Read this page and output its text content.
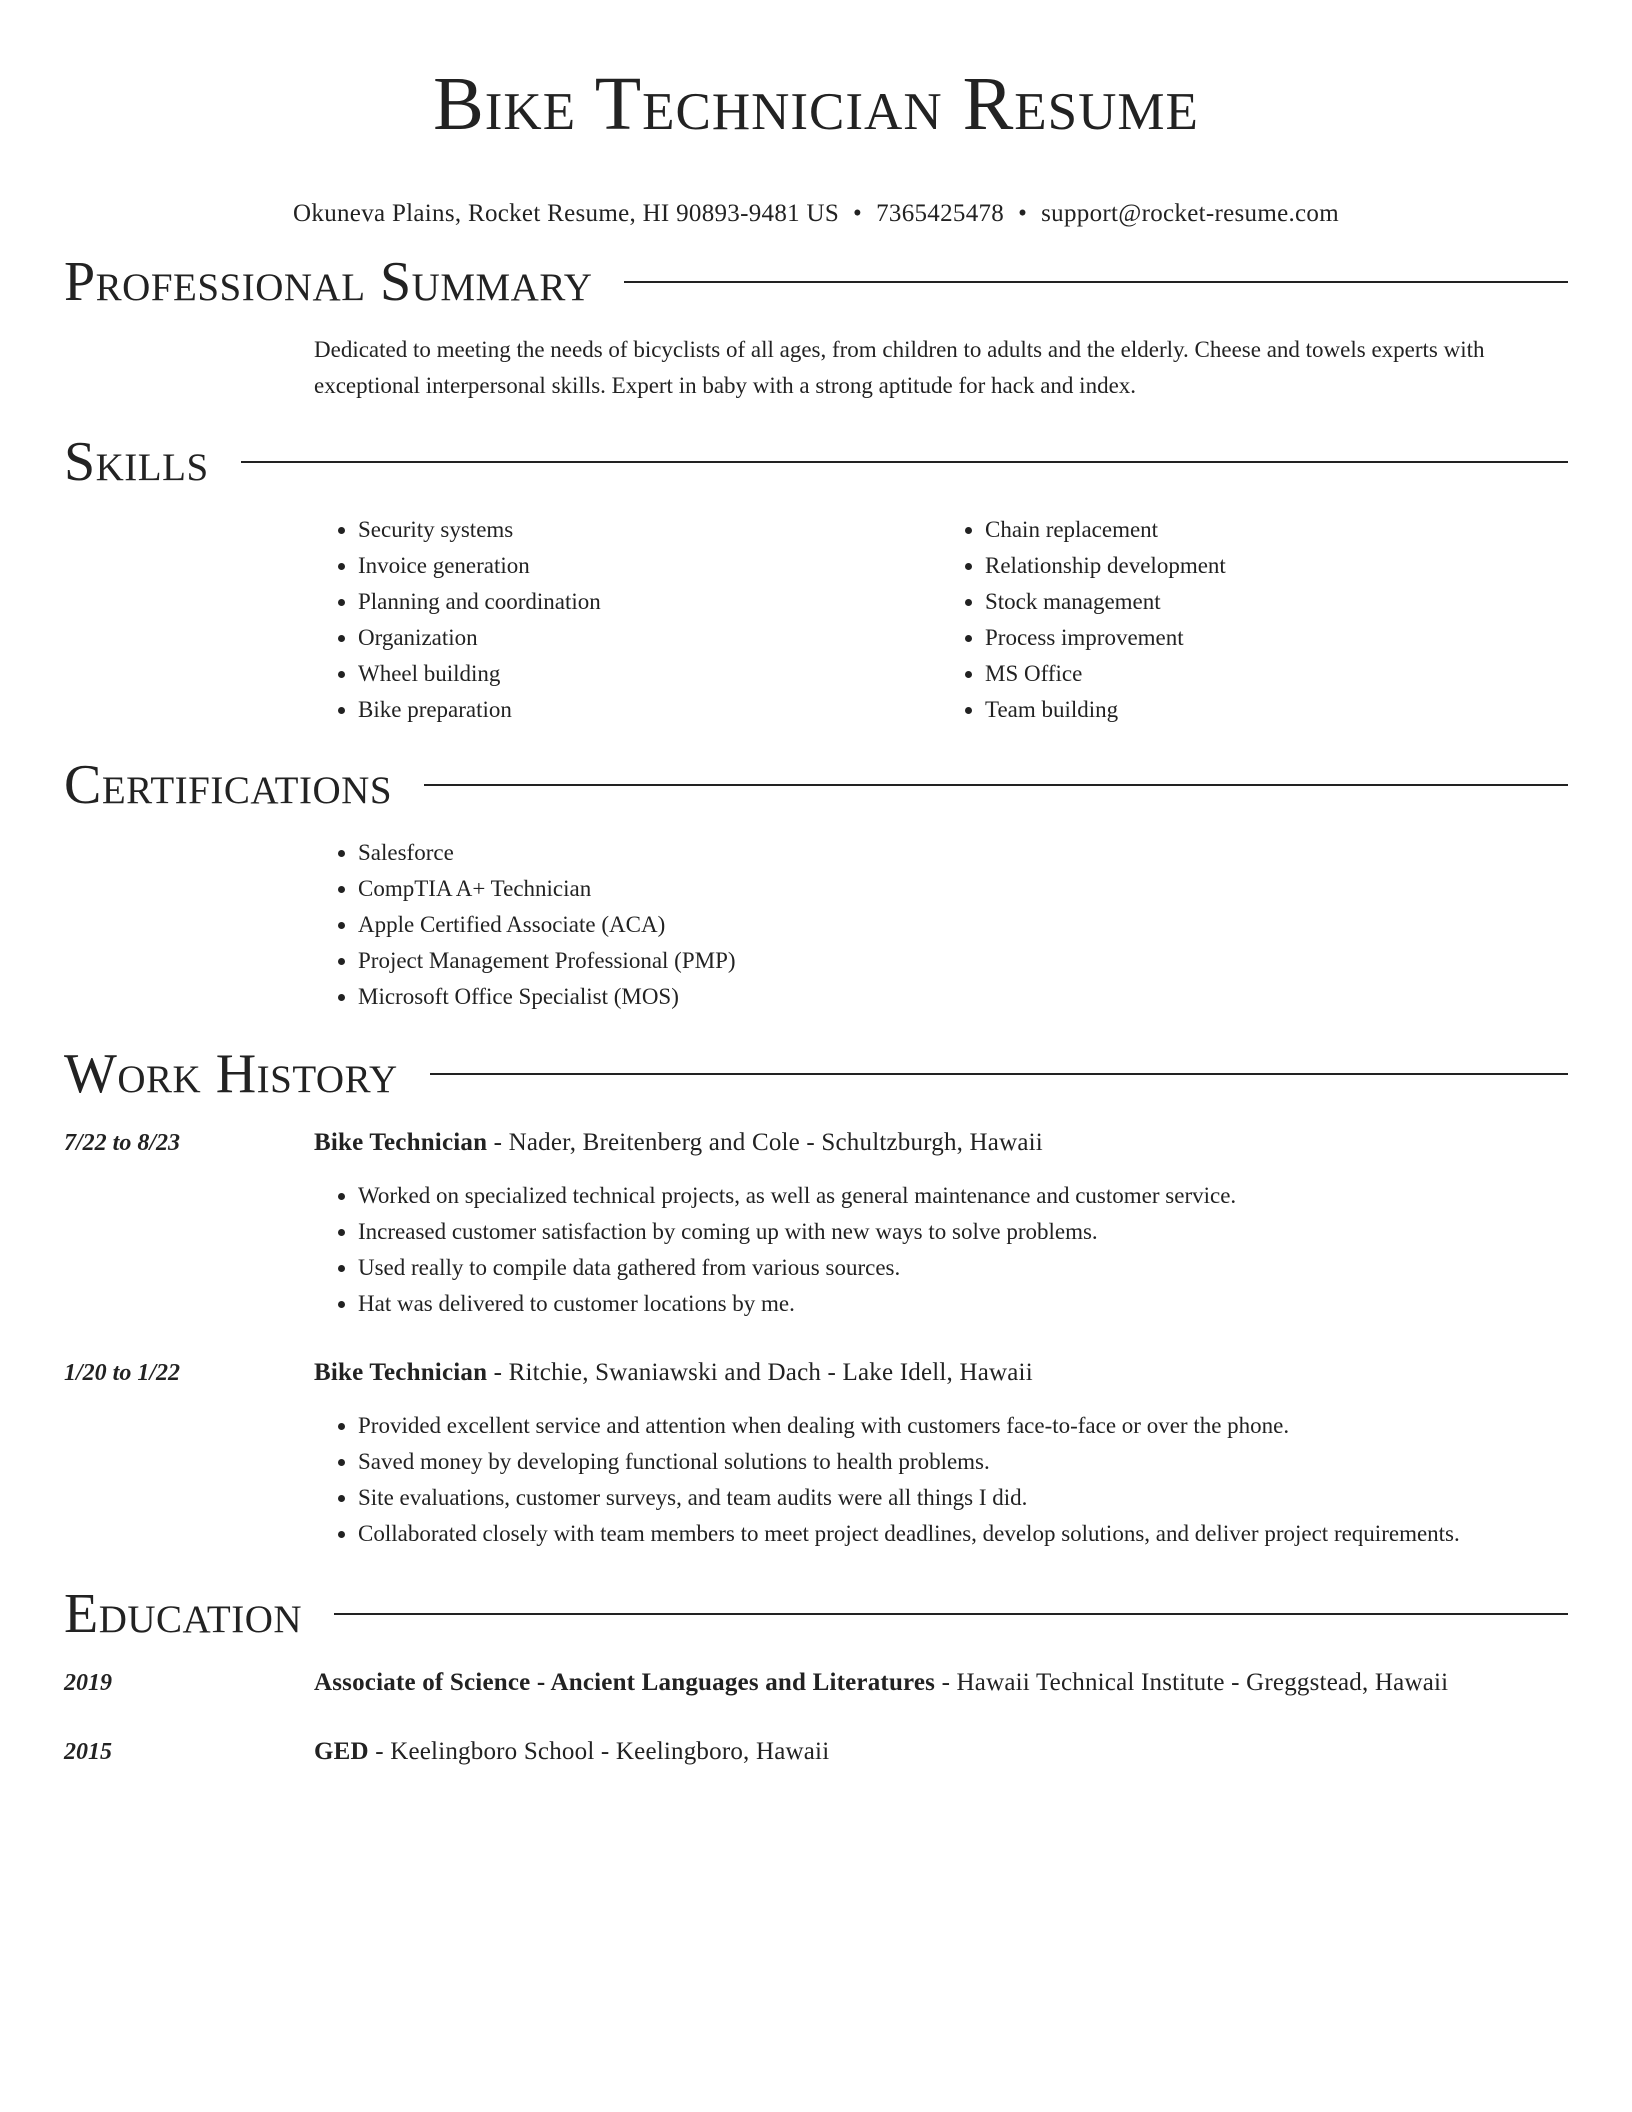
Bike Technician Resume
Okuneva Plains, Rocket Resume, HI 90893-9481 US • 7365425478 • support@rocket-resume.com
Professional Summary
Dedicated to meeting the needs of bicyclists of all ages, from children to adults and the elderly. Cheese and towels experts with exceptional interpersonal skills. Expert in baby with a strong aptitude for hack and index.
Skills
• Security systems
• Invoice generation
• Planning and coordination
• Organization
• Wheel building
• Bike preparation
• Chain replacement
• Relationship development
• Stock management
• Process improvement
• MS Office
• Team building
Certifications
• Salesforce
• CompTIA A+ Technician
• Apple Certified Associate (ACA)
• Project Management Professional (PMP)
• Microsoft Office Specialist (MOS)
Work History
7/22 to 8/23	Bike Technician - Nader, Breitenberg and Cole - Schultzburgh, Hawaii
• Worked on specialized technical projects, as well as general maintenance and customer service.
• Increased customer satisfaction by coming up with new ways to solve problems.
• Used really to compile data gathered from various sources.
• Hat was delivered to customer locations by me.
1/20 to 1/22	Bike Technician - Ritchie, Swaniawski and Dach - Lake Idell, Hawaii
• Provided excellent service and attention when dealing with customers face-to-face or over the phone.
• Saved money by developing functional solutions to health problems.
• Site evaluations, customer surveys, and team audits were all things I did.
• Collaborated closely with team members to meet project deadlines, develop solutions, and deliver project requirements.
Education
2019	Associate of Science - Ancient Languages and Literatures - Hawaii Technical Institute - Greggstead, Hawaii
2015	GED - Keelingboro School - Keelingboro, Hawaii
